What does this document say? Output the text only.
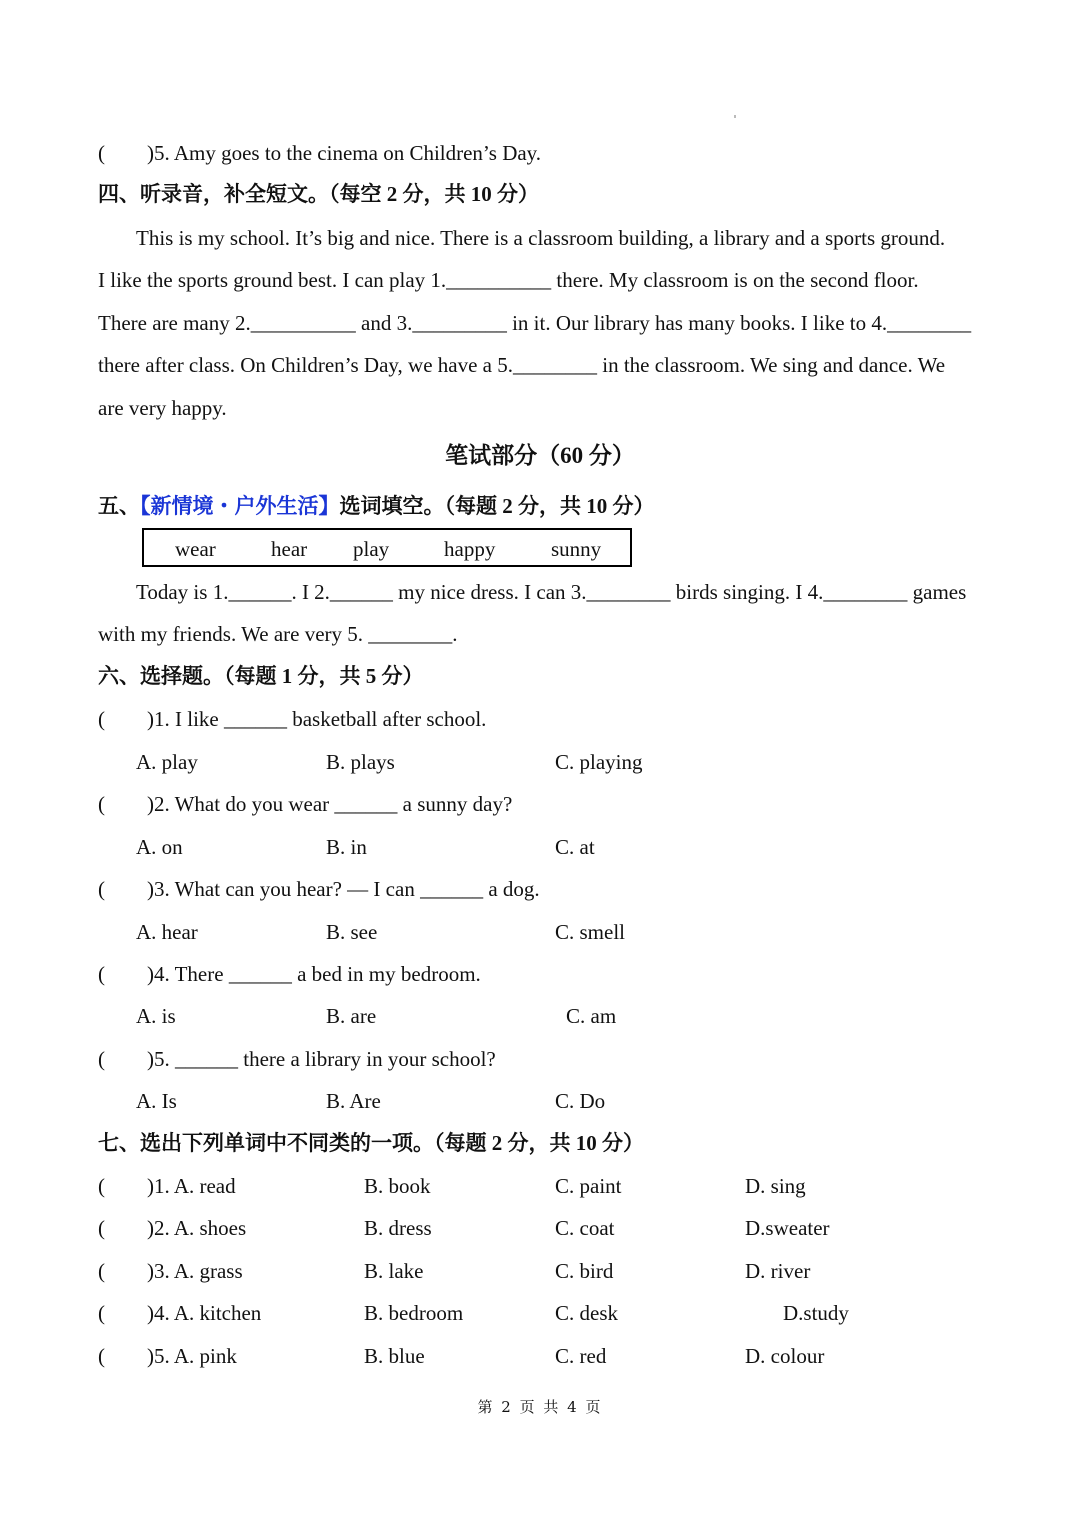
(        )5. Amy goes to the cinema on Children’s Day.
四、听录音，补全短文。（每空 2 分，共 10 分）
This is my school. It’s big and nice. There is a classroom building, a library and a sports ground.
I like the sports ground best. I can play 1.__________ there. My classroom is on the second floor.
There are many 2.__________ and 3._________ in it. Our library has many books. I like to 4.________
there after class. On Children’s Day, we have a 5.________ in the classroom. We sing and dance. We
are very happy.
笔试部分（60 分）
五、【新情境・户外生活】选词填空。（每题 2 分，共 10 分）
wear	hear play	happy	sunny
Today is 1.______. I 2.______ my nice dress. I can 3.________ birds singing. I 4.________ games
with my friends. We are very 5. ________.
六、选择题。（每题 1 分，共 5 分）
(        )1. I like ______ basketball after school.
A. play	B. plays	C. playing
(        )2. What do you wear ______ a sunny day?
A. on	B. in	C. at
(        )3. What can you hear? — I can ______ a dog.
A. hear	B. see	C. smell
(        )4. There ______ a bed in my bedroom.
A. is	B. are	C. am
(        )5. ______ there a library in your school?
A. Is	B. Are	C. Do
七、选出下列单词中不同类的一项。（每题 2 分，共 10 分）
(        )1. A. read	B. book	C. paint	D. sing
(        )2. A. shoes	B. dress	C. coat	D.sweater
(        )3. A. grass	B. lake	C. bird	D. river
(        )4. A. kitchen	B. bedroom	C. desk	D.study
(        )5. A. pink	B. blue	C. red	D. colour
第 2 页 共 4 页
